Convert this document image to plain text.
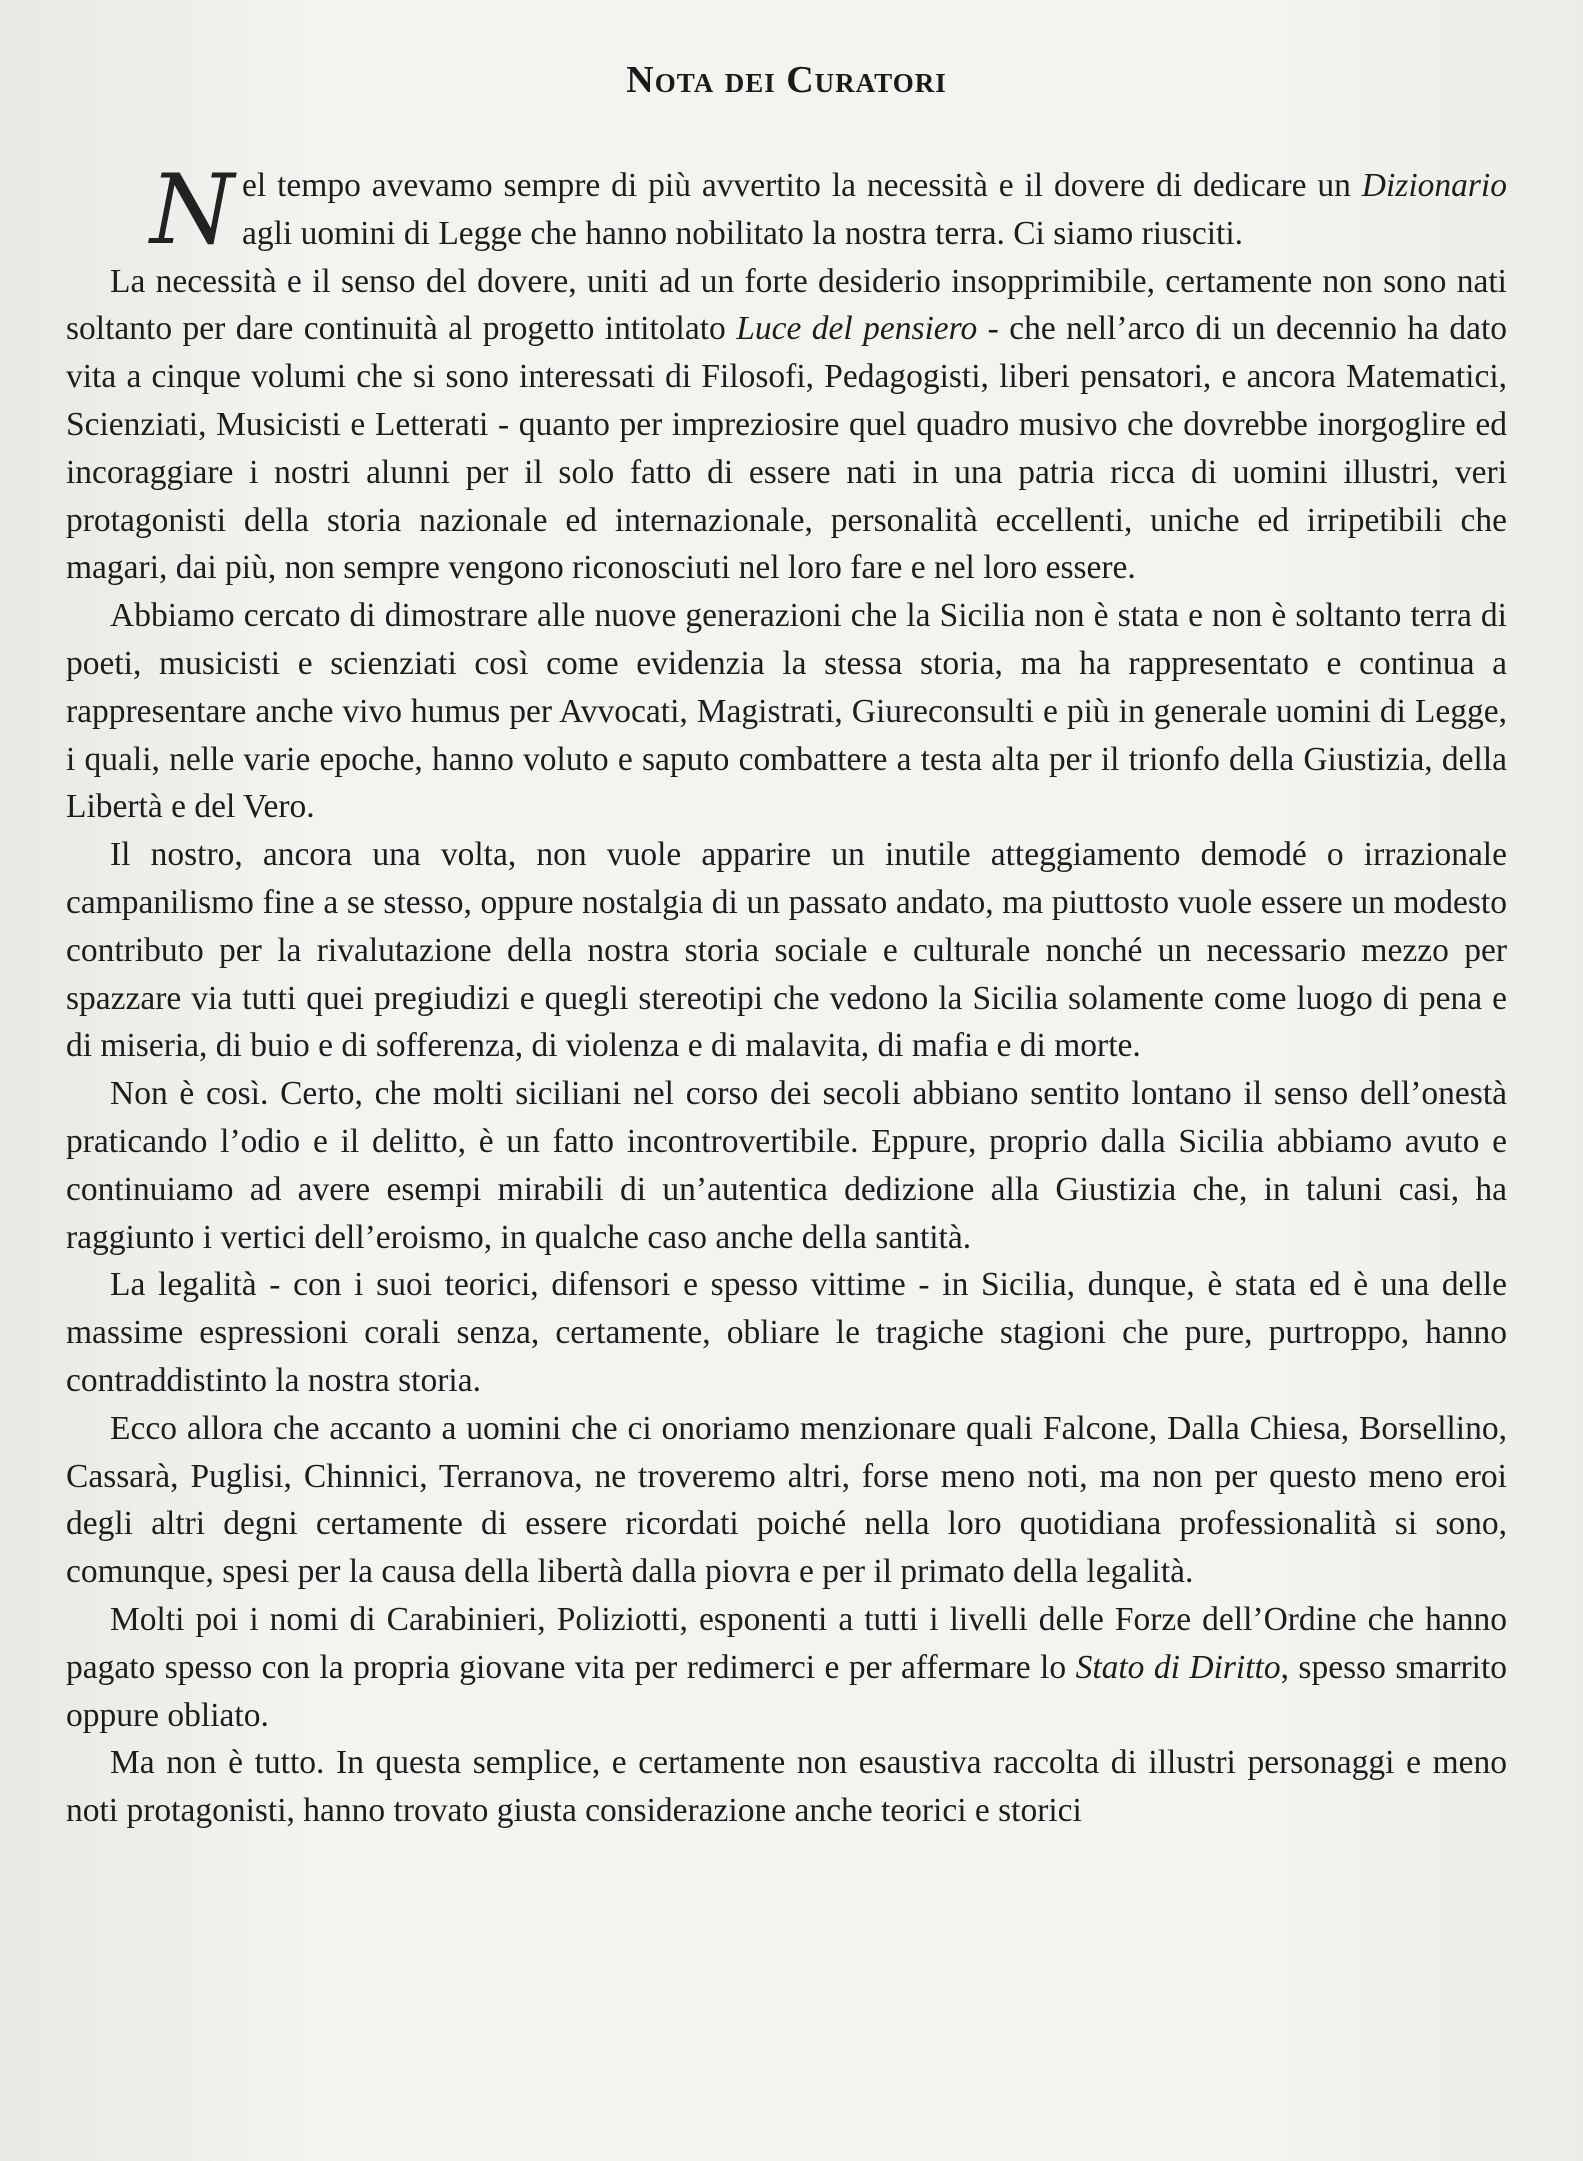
Nota dei Curatori

Nel tempo avevamo sempre di più avvertito la necessità e il dovere di dedicare un Dizionario agli uomini di Legge che hanno nobilitato la nostra terra. Ci siamo riusciti.

La necessità e il senso del dovere, uniti ad un forte desiderio insopprimibile, certamente non sono nati soltanto per dare continuità al progetto intitolato Luce del pensiero - che nell’arco di un decennio ha dato vita a cinque volumi che si sono interessati di Filosofi, Pedagogisti, liberi pensatori, e ancora Matematici, Scienziati, Musicisti e Letterati - quanto per impreziosire quel quadro musivo che dovrebbe inorgoglire ed incoraggiare i nostri alunni per il solo fatto di essere nati in una patria ricca di uomini illustri, veri protagonisti della storia nazionale ed internazionale, personalità eccellenti, uniche ed irripetibili che magari, dai più, non sempre vengono riconosciuti nel loro fare e nel loro essere.

Abbiamo cercato di dimostrare alle nuove generazioni che la Sicilia non è stata e non è soltanto terra di poeti, musicisti e scienziati così come evidenzia la stessa storia, ma ha rappresentato e continua a rappresentare anche vivo humus per Avvocati, Magistrati, Giureconsulti e più in generale uomini di Legge, i quali, nelle varie epoche, hanno voluto e saputo combattere a testa alta per il trionfo della Giustizia, della Libertà e del Vero.

Il nostro, ancora una volta, non vuole apparire un inutile atteggiamento demodé o irrazionale campanilismo fine a se stesso, oppure nostalgia di un passato andato, ma piuttosto vuole essere un modesto contributo per la rivalutazione della nostra storia sociale e culturale nonché un necessario mezzo per spazzare via tutti quei pregiudizi e quegli stereotipi che vedono la Sicilia solamente come luogo di pena e di miseria, di buio e di sofferenza, di violenza e di malavita, di mafia e di morte.

Non è così. Certo, che molti siciliani nel corso dei secoli abbiano sentito lontano il senso dell’onestà praticando l’odio e il delitto, è un fatto incontrovertibile. Eppure, proprio dalla Sicilia abbiamo avuto e continuiamo ad avere esempi mirabili di un’autentica dedizione alla Giustizia che, in taluni casi, ha raggiunto i vertici dell’eroismo, in qualche caso anche della santità.

La legalità - con i suoi teorici, difensori e spesso vittime - in Sicilia, dunque, è stata ed è una delle massime espressioni corali senza, certamente, obliare le tragiche stagioni che pure, purtroppo, hanno contraddistinto la nostra storia.

Ecco allora che accanto a uomini che ci onoriamo menzionare quali Falcone, Dalla Chiesa, Borsellino, Cassarà, Puglisi, Chinnici, Terranova, ne troveremo altri, forse meno noti, ma non per questo meno eroi degli altri degni certamente di essere ricordati poiché nella loro quotidiana professionalità si sono, comunque, spesi per la causa della libertà dalla piovra e per il primato della legalità.

Molti poi i nomi di Carabinieri, Poliziotti, esponenti a tutti i livelli delle Forze dell’Ordine che hanno pagato spesso con la propria giovane vita per redimerci e per affermare lo Stato di Diritto, spesso smarrito oppure obliato.

Ma non è tutto. In questa semplice, e certamente non esaustiva raccolta di illustri personaggi e meno noti protagonisti, hanno trovato giusta considerazione anche teorici e storici
